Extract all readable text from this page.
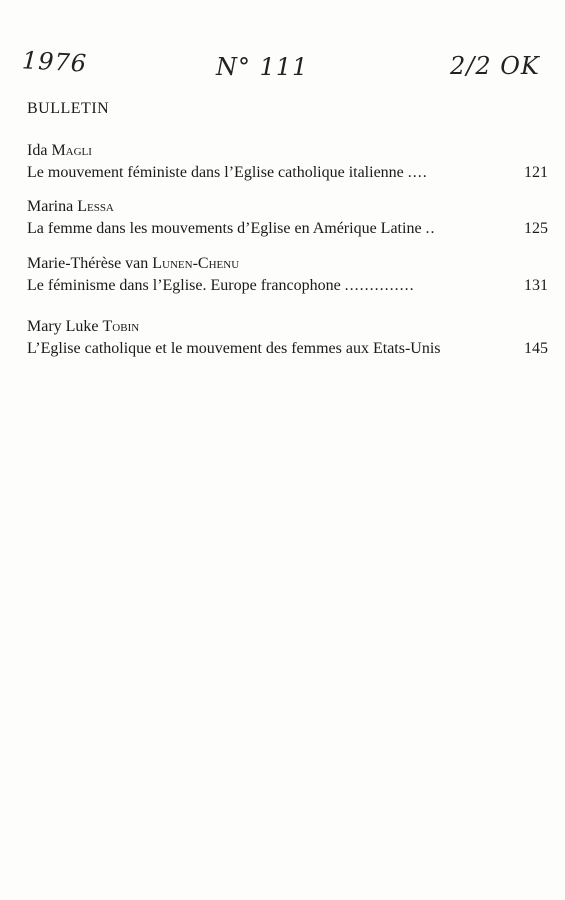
1976	N° 111	2/2 OK
BULLETIN
Ida Magli
Le mouvement féministe dans l’Eglise catholique italienne ....	121
Marina Lessa
La femme dans les mouvements d’Eglise en Amérique Latine ..	125
Marie-Thérèse van Lunen-Chenu
Le féminisme dans l’Eglise. Europe francophone ..............	131
Mary Luke Tobin
L’Eglise catholique et le mouvement des femmes aux Etats-Unis	145
